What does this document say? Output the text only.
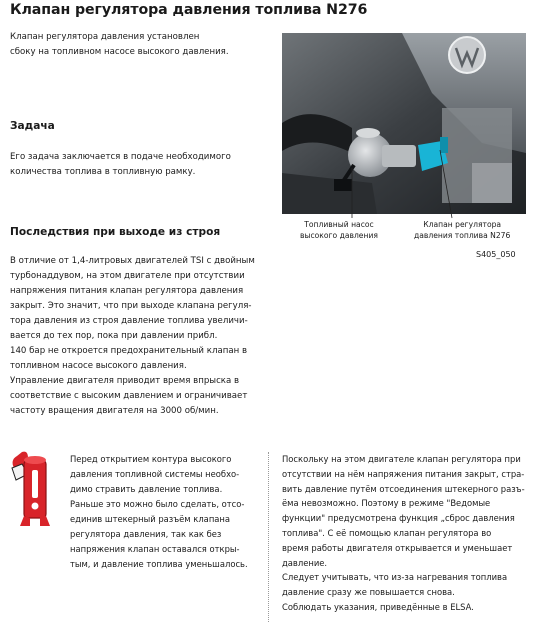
Клапан регулятора давления топлива N276
Клапан регулятора давления установлен
сбоку на топливном насосе высокого давления.
Задача
Его задача заключается в подаче необходимого
количества топлива в топливную рамку.
Последствия при выходе из строя
В отличие от 1,4-литровых двигателей TSI с двойным
турбонаддувом, на этом двигателе при отсутствии
напряжения питания клапан регулятора давления
закрыт. Это значит, что при выходе клапана регуля-
тора давления из строя давление топлива увеличи-
вается до тех пор, пока при давлении прибл.
140 бар не откроется предохранительный клапан в
топливном насосе высокого давления.
Управление двигателя приводит время впрыска в
соответствие с высоким давлением и ограничивает
частоту вращения двигателя на 3000 об/мин.
Топливный насос
высокого давления
Клапан регулятора
давления топлива N276
S405_050
Перед открытием контура высокого
давления топливной системы необхо-
димо стравить давление топлива.
Раньше это можно было сделать, отсо-
единив штекерный разъём клапана
регулятора давления, так как без
напряжения клапан оставался откры-
тым, и давление топлива уменьшалось.
Поскольку на этом двигателе клапан регулятора при
отсутствии на нём напряжения питания закрыт, стра-
вить давление путём отсоединения штекерного разъ-
ёма невозможно. Поэтому в режиме "Ведомые
функции" предусмотрена функция „сброс давления
топлива". С её помощью клапан регулятора во
время работы двигателя открывается и уменьшает
давление.
Следует учитывать, что из-за нагревания топлива
давление сразу же повышается снова.
Соблюдать указания, приведённые в ELSA.
